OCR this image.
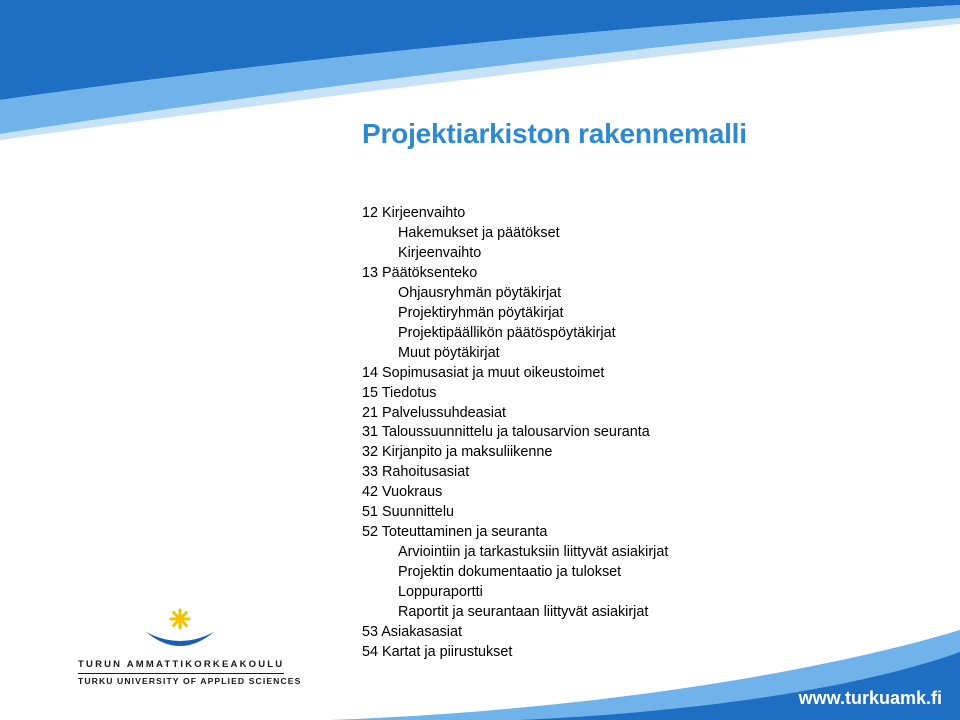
Projektiarkiston rakennemalli
12 Kirjeenvaihto
Hakemukset ja päätökset
Kirjeenvaihto
13 Päätöksenteko
Ohjausryhmän pöytäkirjat
Projektiryhmän pöytäkirjat
Projektipäällikön päätöspöytäkirjat
Muut pöytäkirjat
14 Sopimusasiat ja muut oikeustoimet
15 Tiedotus
21 Palvelussuhdeasiat
31 Taloussuunnittelu ja talousarvion seuranta
32 Kirjanpito ja maksuliikenne
33 Rahoitusasiat
42 Vuokraus
51 Suunnittelu
52 Toteuttaminen ja seuranta
Arviointiin ja tarkastuksiin liittyvät asiakirjat
Projektin dokumentaatio ja tulokset
Loppuraportti
Raportit ja seurantaan liittyvät asiakirjat
53 Asiakasasiat
54 Kartat ja piirustukset
TURUN AMMATTIKORKEAKOULU
TURKU UNIVERSITY OF APPLIED SCIENCES
www.turkuamk.fi
